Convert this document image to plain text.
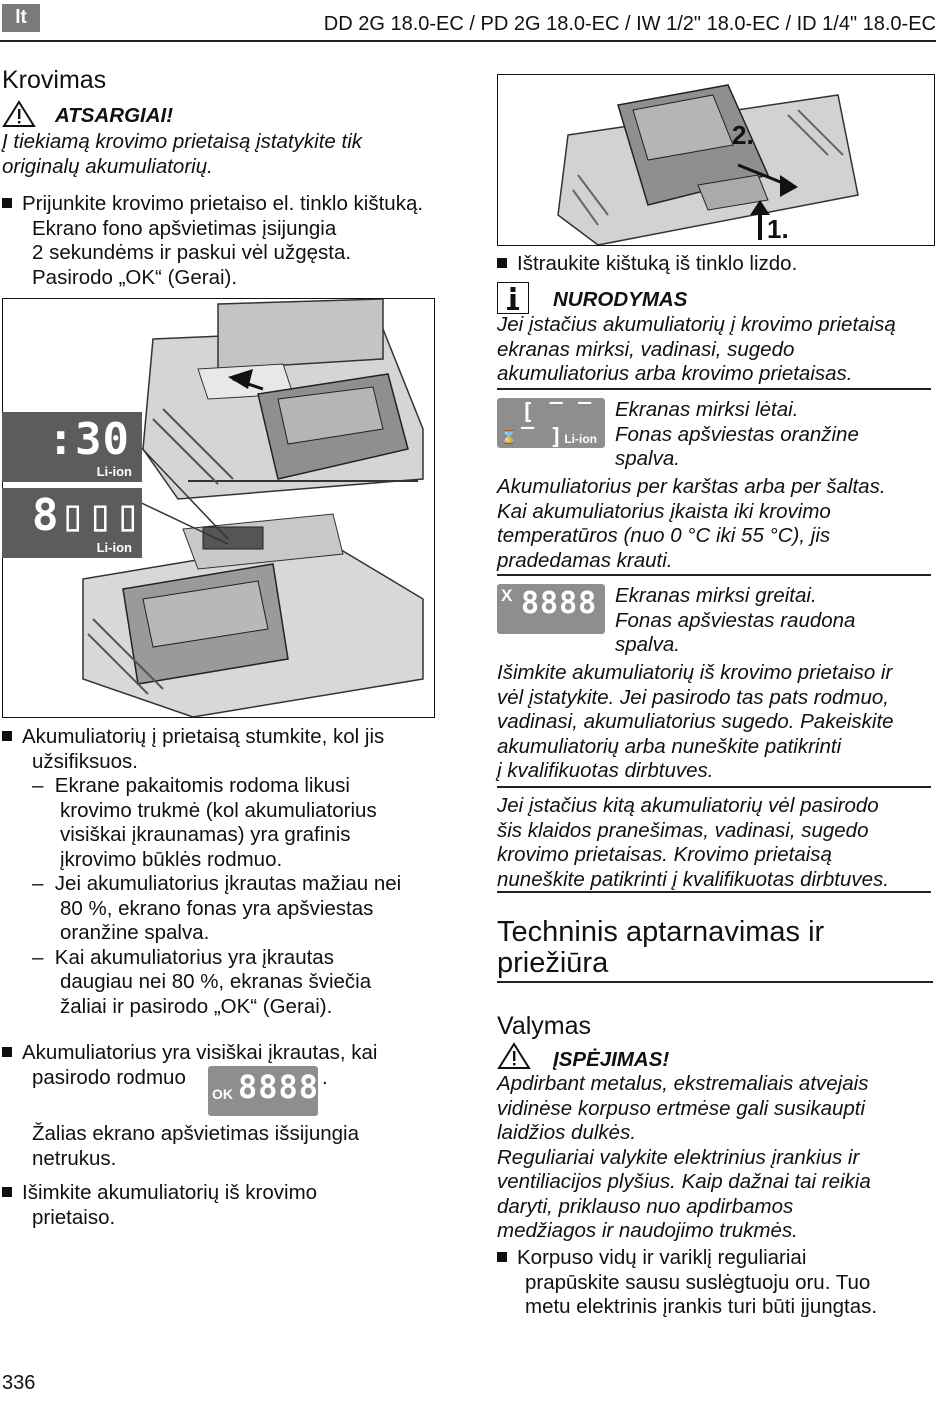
lt	DD 2G 18.0-EC / PD 2G 18.0-EC / IW 1/2" 18.0-EC / ID 1/4" 18.0-EC
Krovimas
ATSARGIAI!
Į tiekiamą krovimo prietaisą įstatykite tik
originalų akumuliatorių.

Prijunkite krovimo prietaiso el. tinklo kištuką.

Ekrano fono apšvietimas įsijungia

2 sekundėms ir paskui vėl užgęsta.

Pasirodo „OK“ (Gerai).

:30
Li-ion
8▯▯▯
Li-ion

Akumuliatorių į prietaisą stumkite, kol jis

užsifiksuos.

–  Ekrane pakaitomis rodoma likusi

krovimo trukmė (kol akumuliatorius

visiškai įkraunamas) yra grafinis

įkrovimo būklės rodmuo.

–  Jei akumuliatorius įkrautas mažiau nei

80 %, ekrano fonas yra apšviestas

oranžine spalva.

–  Kai akumuliatorius yra įkrautas

daugiau nei 80 %, ekranas šviečia

žaliai ir pasirodo „OK“ (Gerai).

Akumuliatorius yra visiškai įkrautas, kai

pasirodo rodmuo

OK 8888 .
Žalias ekrano apšvietimas išsijungia
netrukus.

Išimkite akumuliatorių iš krovimo

prietaiso.

2.
1.

Ištraukite kištuką iš tinklo lizdo.

NURODYMAS
Jei įstačius akumuliatorių į krovimo prietaisą
ekranas mirksi, vadinasi, sugedo
akumuliatorius arba krovimo prietaisas.
⌛
[ ‾ ‾ ‾ ] Li-ion
Ekranas mirksi lėtai.
Fonas apšviestas oranžine
spalva.
Akumuliatorius per karštas arba per šaltas.
Kai akumuliatorius įkaista iki krovimo
temperatūros (nuo 0 °C iki 55 °C), jis
pradedamas krauti.
X 8888 Ekranas mirksi greitai.
Fonas apšviestas raudona
spalva.
Išimkite akumuliatorių iš krovimo prietaiso ir
vėl įstatykite. Jei pasirodo tas pats rodmuo,
vadinasi, akumuliatorius sugedo. Pakeiskite
akumuliatorių arba nuneškite patikrinti
į kvalifikuotas dirbtuves.
Jei įstačius kitą akumuliatorių vėl pasirodo
šis klaidos pranešimas, vadinasi, sugedo
krovimo prietaisas. Krovimo prietaisą
nuneškite patikrinti į kvalifikuotas dirbtuves.
Techninis aptarnavimas ir
priežiūra
Valymas
ĮSPĖJIMAS!
Apdirbant metalus, ekstremaliais atvejais
vidinėse korpuso ertmėse gali susikaupti
laidžios dulkės.
Reguliariai valykite elektrinius įrankius ir
ventiliacijos plyšius. Kaip dažnai tai reikia
daryti, priklauso nuo apdirbamos
medžiagos ir naudojimo trukmės.

Korpuso vidų ir variklį reguliariai

prapūskite sausu suslėgtuoju oru. Tuo

metu elektrinis įrankis turi būti įjungtas.

336
